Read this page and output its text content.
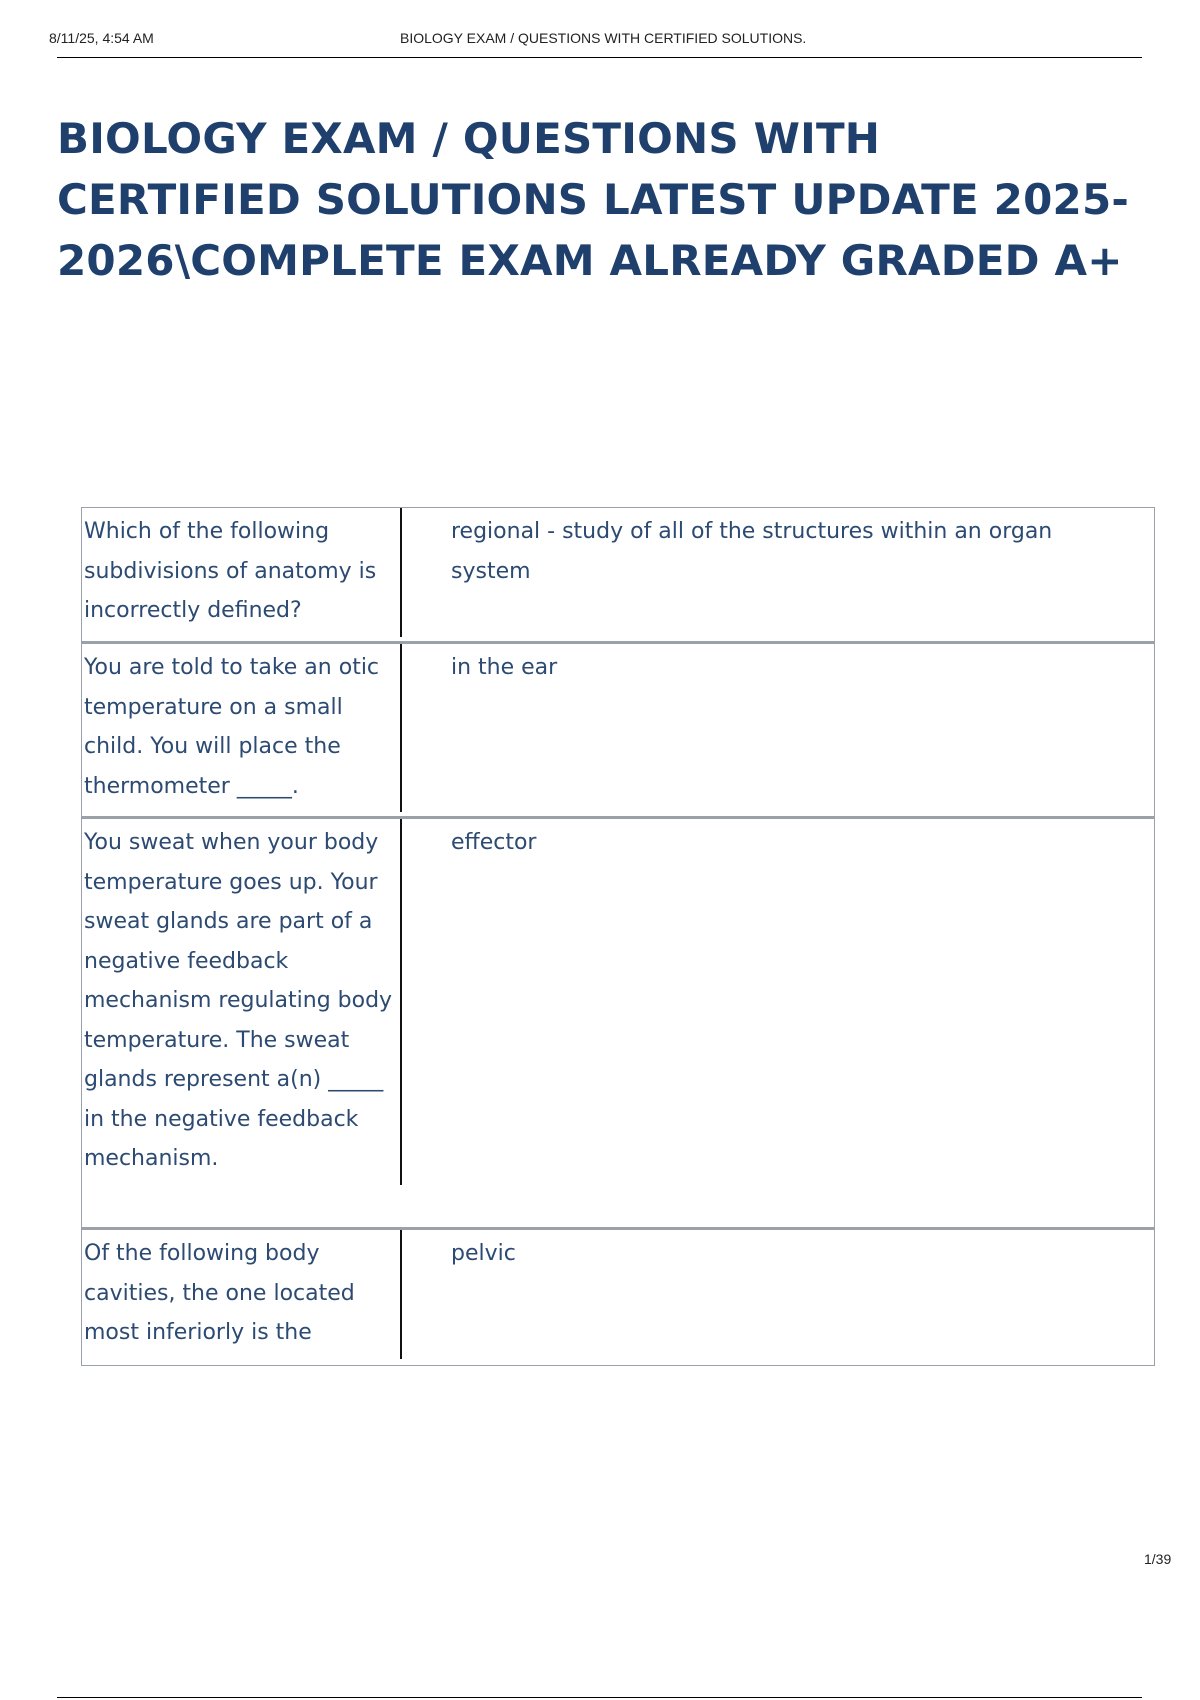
8/11/25, 4:54 AM	BIOLOGY EXAM / QUESTIONS WITH CERTIFIED SOLUTIONS.
BIOLOGY EXAM / QUESTIONS WITH CERTIFIED SOLUTIONS LATEST UPDATE 2025-2026\COMPLETE EXAM ALREADY GRADED A+
Which of the following subdivisions of anatomy is incorrectly defined?
regional - study of all of the structures within an organ system
You are told to take an otic temperature on a small child. You will place the thermometer _____.
in the ear
You sweat when your body temperature goes up. Your sweat glands are part of a negative feedback mechanism regulating body temperature. The sweat glands represent a(n) _____ in the negative feedback mechanism.
effector
Of the following body cavities, the one located most inferiorly is the
pelvic
1/39
